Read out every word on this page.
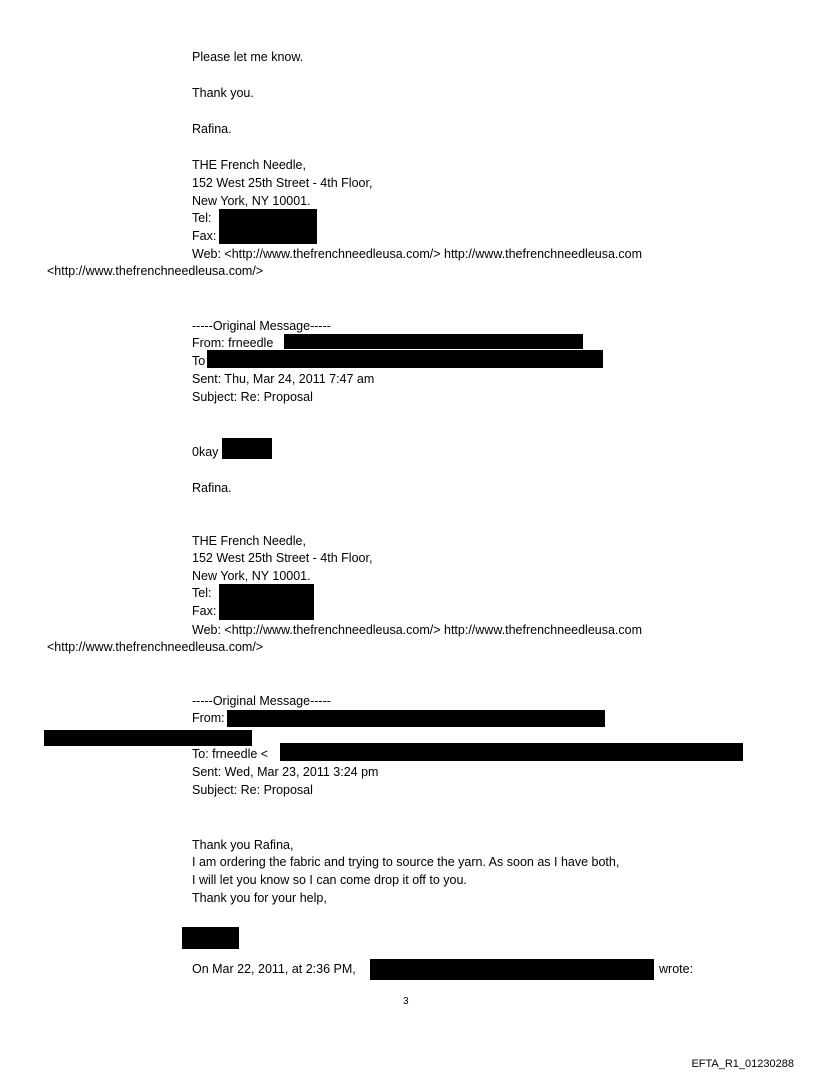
Please let me know.
Thank you.
Rafina.
THE French Needle,
152 West 25th Street - 4th Floor,
New York, NY 10001.
Tel:
Fax:
Web: <http://www.thefrenchneedleusa.com/> http://www.thefrenchneedleusa.com
<http://www.thefrenchneedleusa.com/>
-----Original Message-----
From: frneedle
To
Sent: Thu, Mar 24, 2011 7:47 am
Subject: Re: Proposal
0kay
Rafina.
THE French Needle,
152 West 25th Street - 4th Floor,
New York, NY 10001.
Tel:
Fax:
Web: <http://www.thefrenchneedleusa.com/> http://www.thefrenchneedleusa.com
<http://www.thefrenchneedleusa.com/>
-----Original Message-----
From:
To: frneedle <
Sent: Wed, Mar 23, 2011 3:24 pm
Subject: Re: Proposal
Thank you Rafina,
I am ordering the fabric and trying to source the yarn. As soon as I have both,
I will let you know so I can come drop it off to you.
Thank you for your help,
On Mar 22, 2011, at 2:36 PM,	wrote:
3
EFTA_R1_01230288
